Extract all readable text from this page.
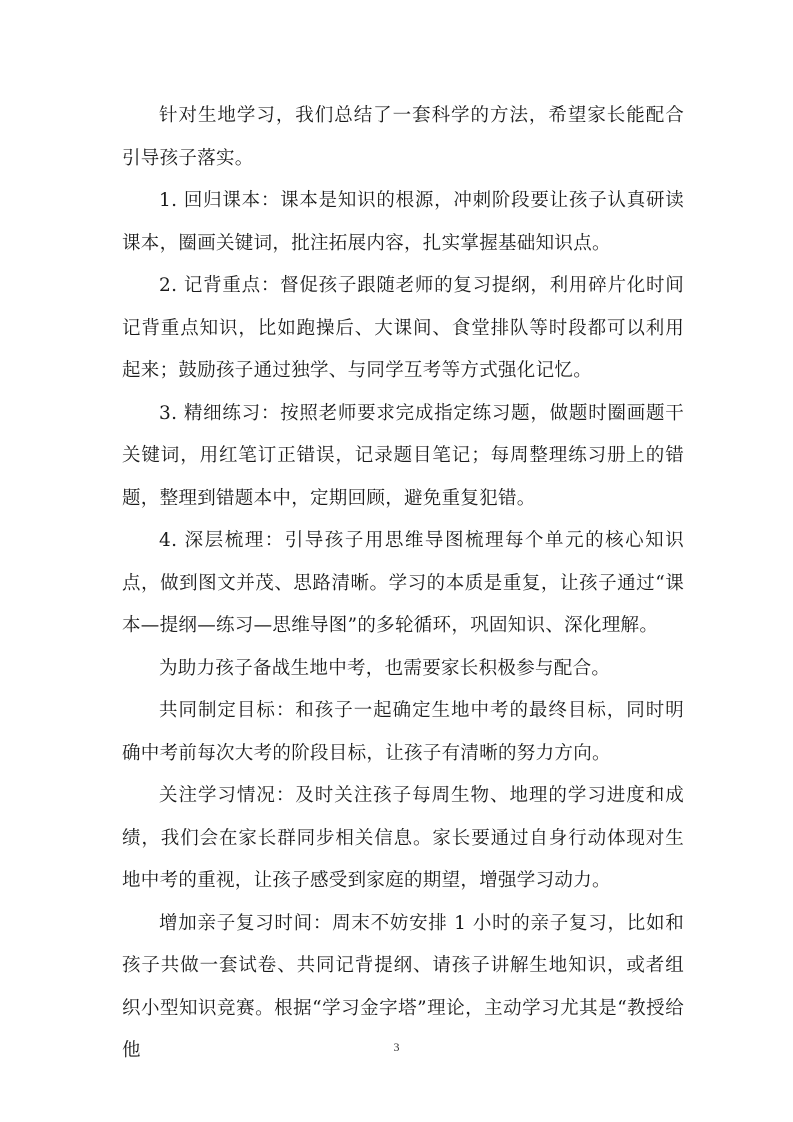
针对生地学习，我们总结了一套科学的方法，希望家长能配合引导孩子落实。

1. 回归课本：课本是知识的根源，冲刺阶段要让孩子认真研读课本，圈画关键词，批注拓展内容，扎实掌握基础知识点。

2. 记背重点：督促孩子跟随老师的复习提纲，利用碎片化时间记背重点知识，比如跑操后、大课间、食堂排队等时段都可以利用起来；鼓励孩子通过独学、与同学互考等方式强化记忆。

3. 精细练习：按照老师要求完成指定练习题，做题时圈画题干关键词，用红笔订正错误，记录题目笔记；每周整理练习册上的错题，整理到错题本中，定期回顾，避免重复犯错。

4. 深层梳理：引导孩子用思维导图梳理每个单元的核心知识点，做到图文并茂、思路清晰。学习的本质是重复，让孩子通过“课本—提纲—练习—思维导图”的多轮循环，巩固知识、深化理解。

为助力孩子备战生地中考，也需要家长积极参与配合。

共同制定目标：和孩子一起确定生地中考的最终目标，同时明确中考前每次大考的阶段目标，让孩子有清晰的努力方向。

关注学习情况：及时关注孩子每周生物、地理的学习进度和成绩，我们会在家长群同步相关信息。家长要通过自身行动体现对生地中考的重视，让孩子感受到家庭的期望，增强学习动力。

增加亲子复习时间：周末不妨安排 1 小时的亲子复习，比如和孩子共做一套试卷、共同记背提纲、请孩子讲解生地知识，或者组织小型知识竞赛。根据“学习金字塔”理论，主动学习尤其是“教授给他	3
